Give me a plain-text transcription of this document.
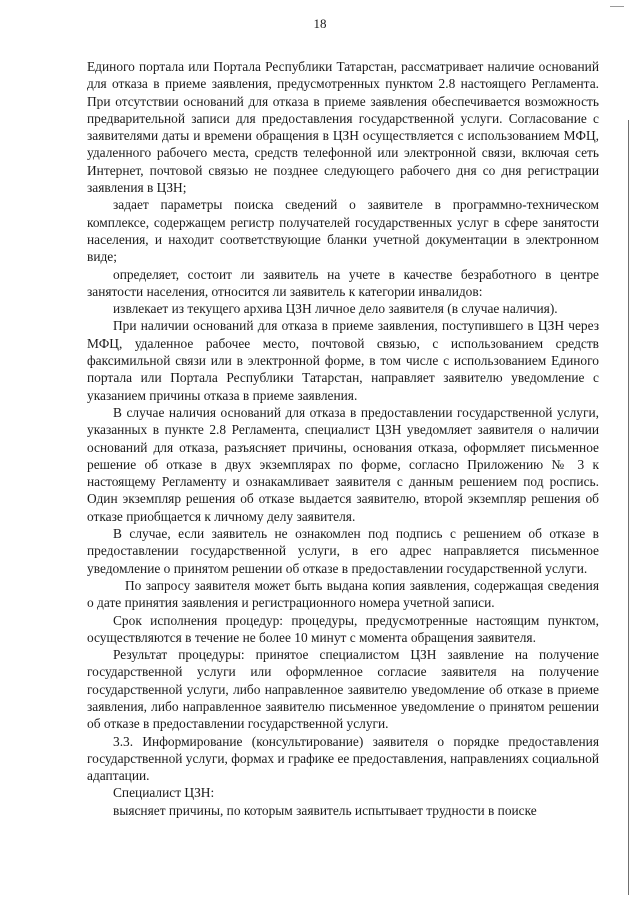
18

Единого портала или Портала Республики Татарстан, рассматривает наличие оснований для отказа в приеме заявления, предусмотренных пунктом 2.8 настоящего Регламента. При отсутствии оснований для отказа в приеме заявления обеспечивается возможность предварительной записи для предоставления государственной услуги. Согласование с заявителями даты и времени обращения в ЦЗН осуществляется с использованием МФЦ, удаленного рабочего места, средств телефонной или электронной связи, включая сеть Интернет, почтовой связью не позднее следующего рабочего дня со дня регистрации заявления в ЦЗН;

задает параметры поиска сведений о заявителе в программно-техническом комплексе, содержащем регистр получателей государственных услуг в сфере занятости населения, и находит соответствующие бланки учетной документации в электронном виде;

определяет, состоит ли заявитель на учете в качестве безработного в центре занятости населения, относится ли заявитель к категории инвалидов:

извлекает из текущего архива ЦЗН личное дело заявителя (в случае наличия).

При наличии оснований для отказа в приеме заявления, поступившего в ЦЗН через МФЦ, удаленное рабочее место, почтовой связью, с использованием средств факсимильной связи или в электронной форме, в том числе с использованием Единого портала или Портала Республики Татарстан, направляет заявителю уведомление с указанием причины отказа в приеме заявления.

В случае наличия оснований для отказа в предоставлении государственной услуги, указанных в пункте 2.8 Регламента, специалист ЦЗН уведомляет заявителя о наличии оснований для отказа, разъясняет причины, основания отказа, оформляет письменное решение об отказе в двух экземплярах по форме, согласно Приложению № 3 к настоящему Регламенту и ознакамливает заявителя с данным решением под роспись. Один экземпляр решения об отказе выдается заявителю, второй экземпляр решения об отказе приобщается к личному делу заявителя.

В случае, если заявитель не ознакомлен под подпись с решением об отказе в предоставлении государственной услуги, в его адрес направляется письменное уведомление о принятом решении об отказе в предоставлении государственной услуги.

По запросу заявителя может быть выдана копия заявления, содержащая сведения о дате принятия заявления и регистрационного номера учетной записи.

Срок исполнения процедур: процедуры, предусмотренные настоящим пунктом, осуществляются в течение не более 10 минут с момента обращения заявителя.

Результат процедуры: принятое специалистом ЦЗН заявление на получение государственной услуги или оформленное согласие заявителя на получение государственной услуги, либо направленное заявителю уведомление об отказе в приеме заявления, либо направленное заявителю письменное уведомление о принятом решении об отказе в предоставлении государственной услуги.

3.3. Информирование (консультирование) заявителя о порядке предоставления государственной услуги, формах и графике ее предоставления, направлениях социальной адаптации.

Специалист ЦЗН:

выясняет причины, по которым заявитель испытывает трудности в поиске
